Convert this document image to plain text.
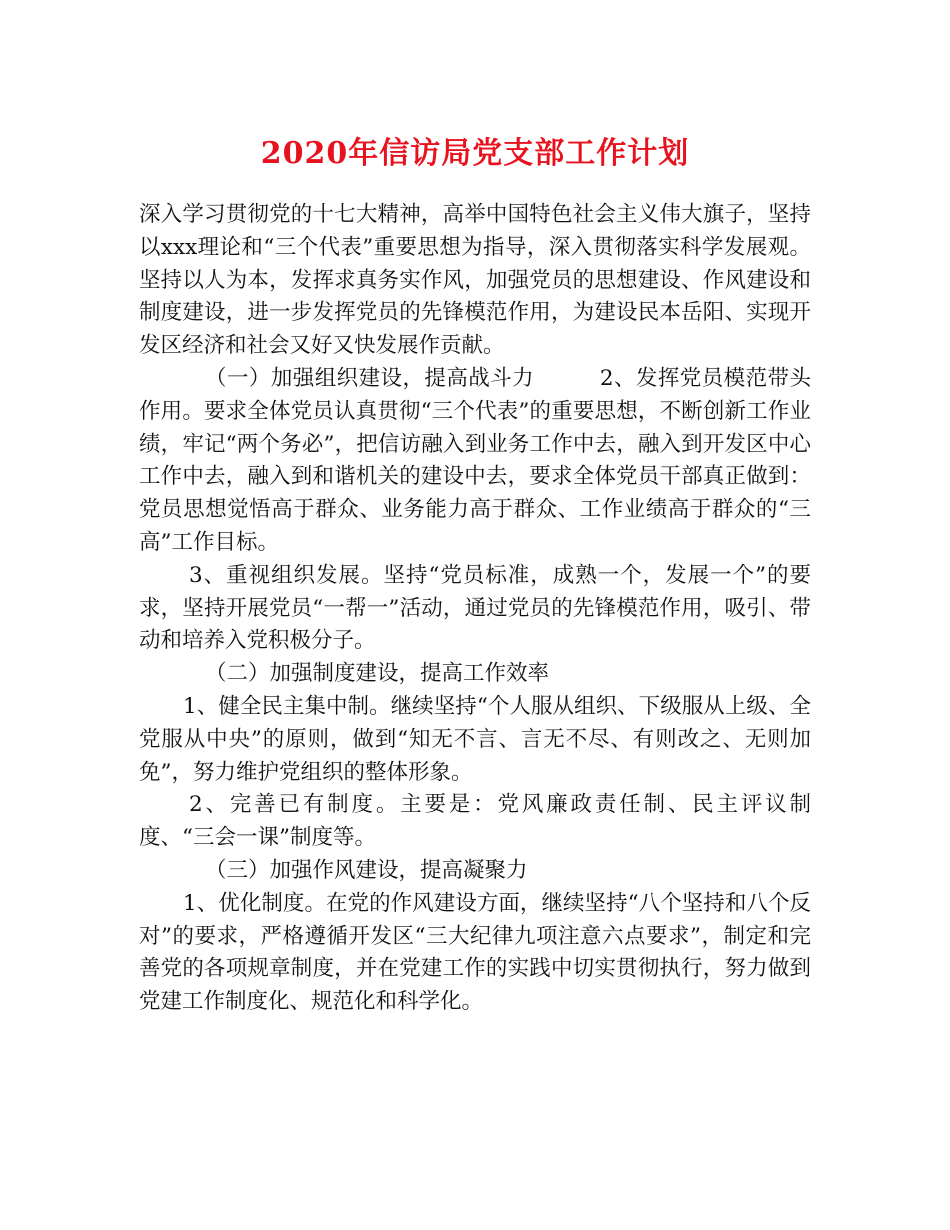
2020年信访局党支部工作计划

深入学习贯彻党的十七大精神，高举中国特色社会主义伟大旗子，坚持以xxx理论和“三个代表”重要思想为指导，深入贯彻落实科学发展观。坚持以人为本，发挥求真务实作风，加强党员的思想建设、作风建设和制度建设，进一步发挥党员的先锋模范作用，为建设民本岳阳、实现开发区经济和社会又好又快发展作贡献。

（一）加强组织建设，提高战斗力　　　2、发挥党员模范带头作用。要求全体党员认真贯彻“三个代表”的重要思想，不断创新工作业绩，牢记“两个务必”，把信访融入到业务工作中去，融入到开发区中心工作中去，融入到和谐机关的建设中去，要求全体党员干部真正做到：党员思想觉悟高于群众、业务能力高于群众、工作业绩高于群众的“三高”工作目标。

3、重视组织发展。坚持“党员标准，成熟一个，发展一个”的要求，坚持开展党员“一帮一”活动，通过党员的先锋模范作用，吸引、带动和培养入党积极分子。

（二）加强制度建设，提高工作效率

1、健全民主集中制。继续坚持“个人服从组织、下级服从上级、全党服从中央”的原则，做到“知无不言、言无不尽、有则改之、无则加免”，努力维护党组织的整体形象。

2、完善已有制度。主要是：党风廉政责任制、民主评议制度、“三会一课”制度等。

（三）加强作风建设，提高凝聚力

1、优化制度。在党的作风建设方面，继续坚持“八个坚持和八个反对”的要求，严格遵循开发区“三大纪律九项注意六点要求”，制定和完善党的各项规章制度，并在党建工作的实践中切实贯彻执行，努力做到党建工作制度化、规范化和科学化。
